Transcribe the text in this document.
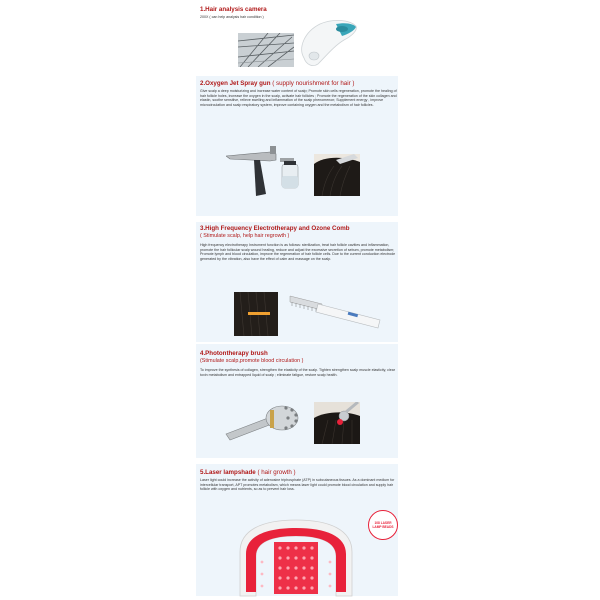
1.Hair analysis camera
200X ( can help analysis hair condition )
2.Oxygen Jet Spray gun ( supply nourishment for hair )
Give scalp a deep moisturizing and increase water content of scalp; Promote skin cells regeneration, promote the healing of hair follicle holes, increase the oxygen in the scalp, activate hair follicles ; Promote the regeneration of the skin collagen and elastin, soothe sensitive, relieve swelling and inflammation of the scalp phenomenon; Supplement energy , improve microcirculation and scalp respiratory system, improve containing oxygen and the metabolism of hair follicles.
3.High Frequency Electrotherapy and Ozone Comb
( Stimulate scalp, help hair regrowth )
High frequency electrotherapy Instrument function is as follows: sterilization, treat hair follicle cavities and inflammation, promote the hair follicular scalp wound healing, reduce and adjust the excessive secretion of sebum, promote metabolism; Promote lymph and blood circulation, improve the regeneration of hair follicle cells. Due to the current conduction electrode generated by the vibration, also have the effect of calm and massage on the scalp.
4.Photontherapy brush
(Stimulate scalp,promote blood circulation )
To improve the synthesis of collagen, strengthen the elasticity of the scalp. Tighten strengthen scalp muscle elasticity, clear toxin metabolism and entrapped liquid of scalp ; eliminate fatigue, restore scalp health.
5.Laser lampshade ( hair growth )
Laser light could increase the activity of adenosine triphosphate (ATP) in subcutaneous tissues. As a dominant medium for intercellular transport, APT promotes metabolism, which means laser light could promote blood circulation and supply hair follicle with oxygen and nutrients, so as to prevent hair loss.
108 LASER LAMP BEADS
